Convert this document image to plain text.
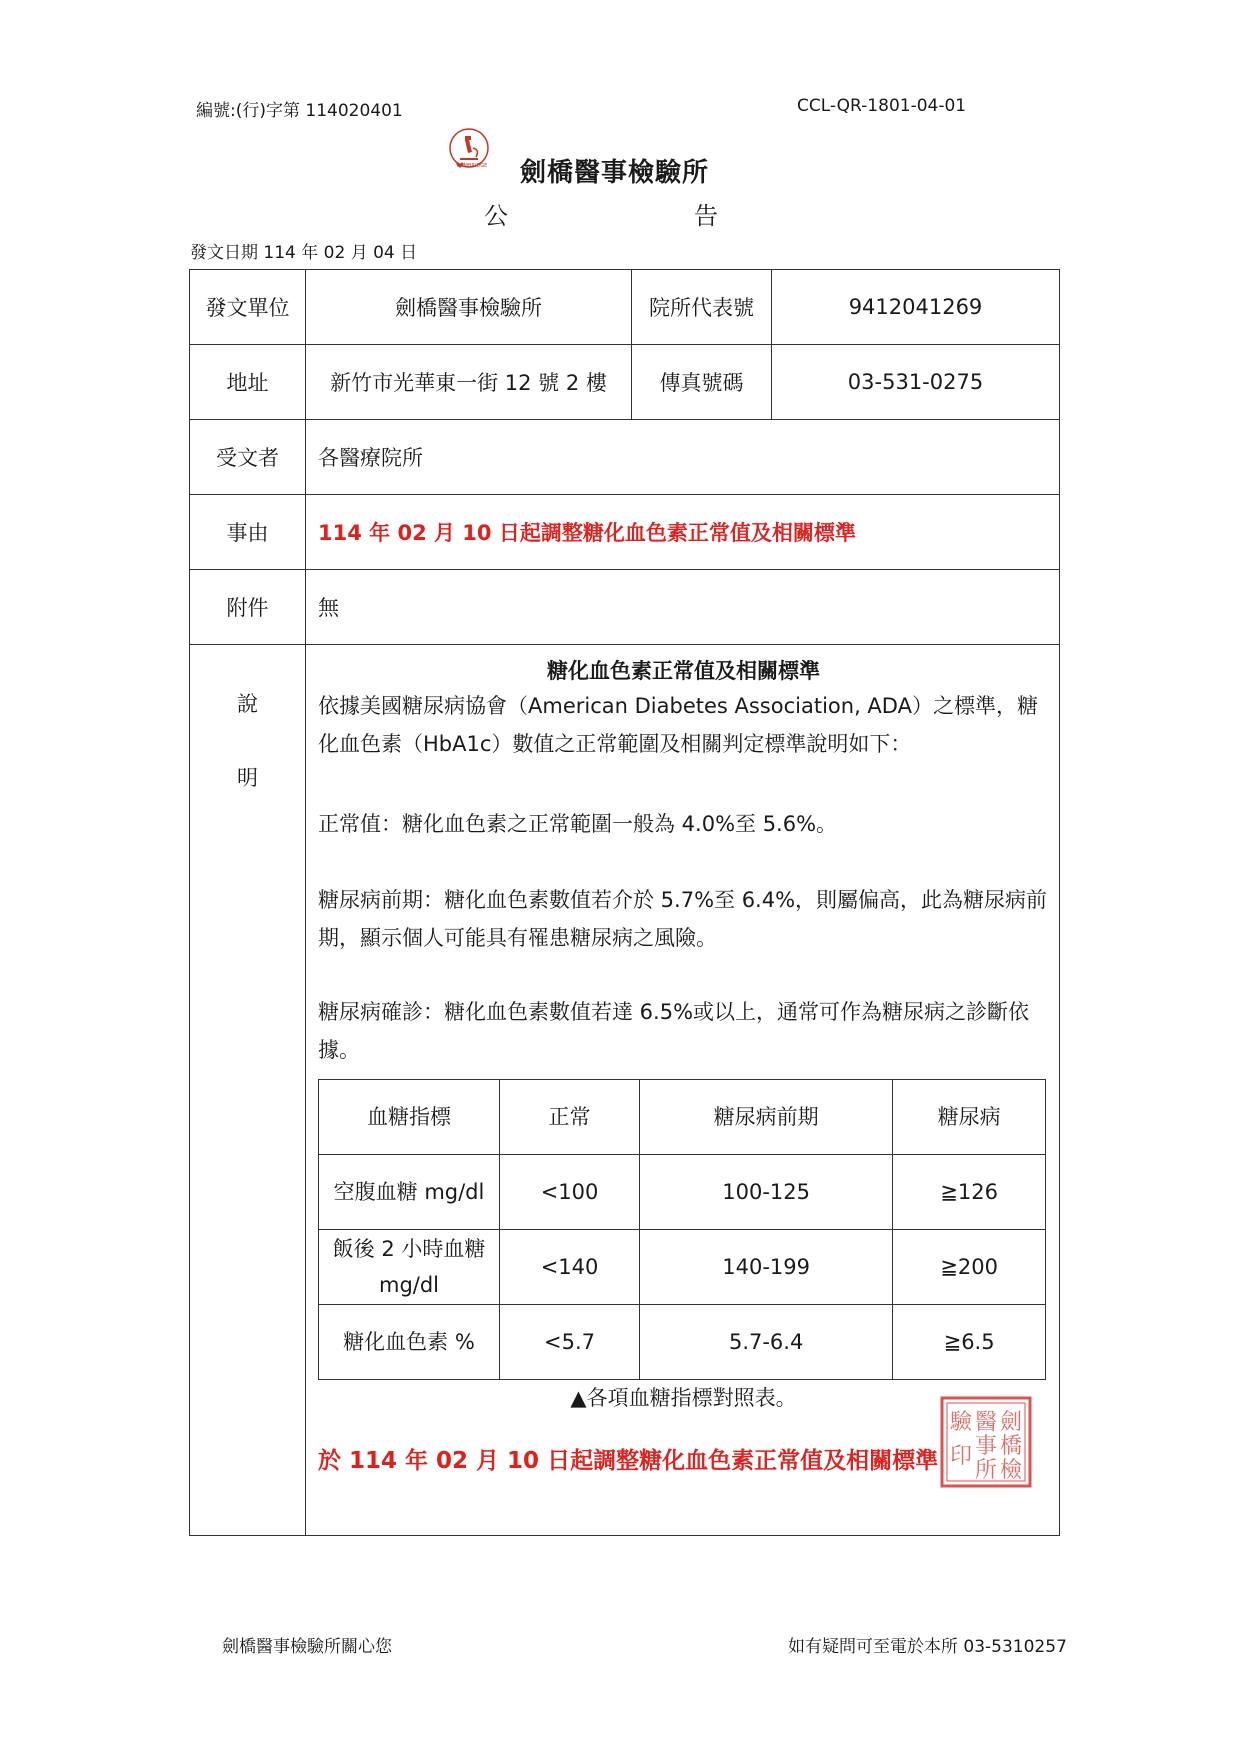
編號:(行)字第 114020401	CCL-QR-1801-04-01
CAMBRIDGE 劍橋醫事檢驗所
公	告
發文日期 114 年 02 月 04 日
發文單位	劍橋醫事檢驗所	院所代表號	9412041269
地址	新竹市光華東一街 12 號 2 樓	傳真號碼	03-531-0275
受文者	各醫療院所
事由	114 年 02 月 10 日起調整糖化血色素正常值及相關標準
附件	無

說
明

糖化血色素正常值及相關標準
依據美國糖尿病協會（American Diabetes Association, ADA）之標準，糖化血色素（HbA1c）數值之正常範圍及相關判定標準說明如下：
正常值：糖化血色素之正常範圍一般為 4.0%至 5.6%。
糖尿病前期：糖化血色素數值若介於 5.7%至 6.4%，則屬偏高，此為糖尿病前期，顯示個人可能具有罹患糖尿病之風險。
糖尿病確診：糖化血色素數值若達 6.5%或以上，通常可作為糖尿病之診斷依據。
血糖指標	正常	糖尿病前期	糖尿病
空腹血糖 mg/dl	<100	100-125	≧126
飯後 2 小時血糖 mg/dl	<140	140-199	≧200
糖化血色素 %	<5.7	5.7-6.4	≧6.5
▲各項血糖指標對照表。
於 114 年 02 月 10 日起調整糖化血色素正常值及相關標準
劍
橋
醫
事
檢
驗
所
印
劍橋醫事檢驗所關心您	如有疑問可至電於本所 03-5310257
